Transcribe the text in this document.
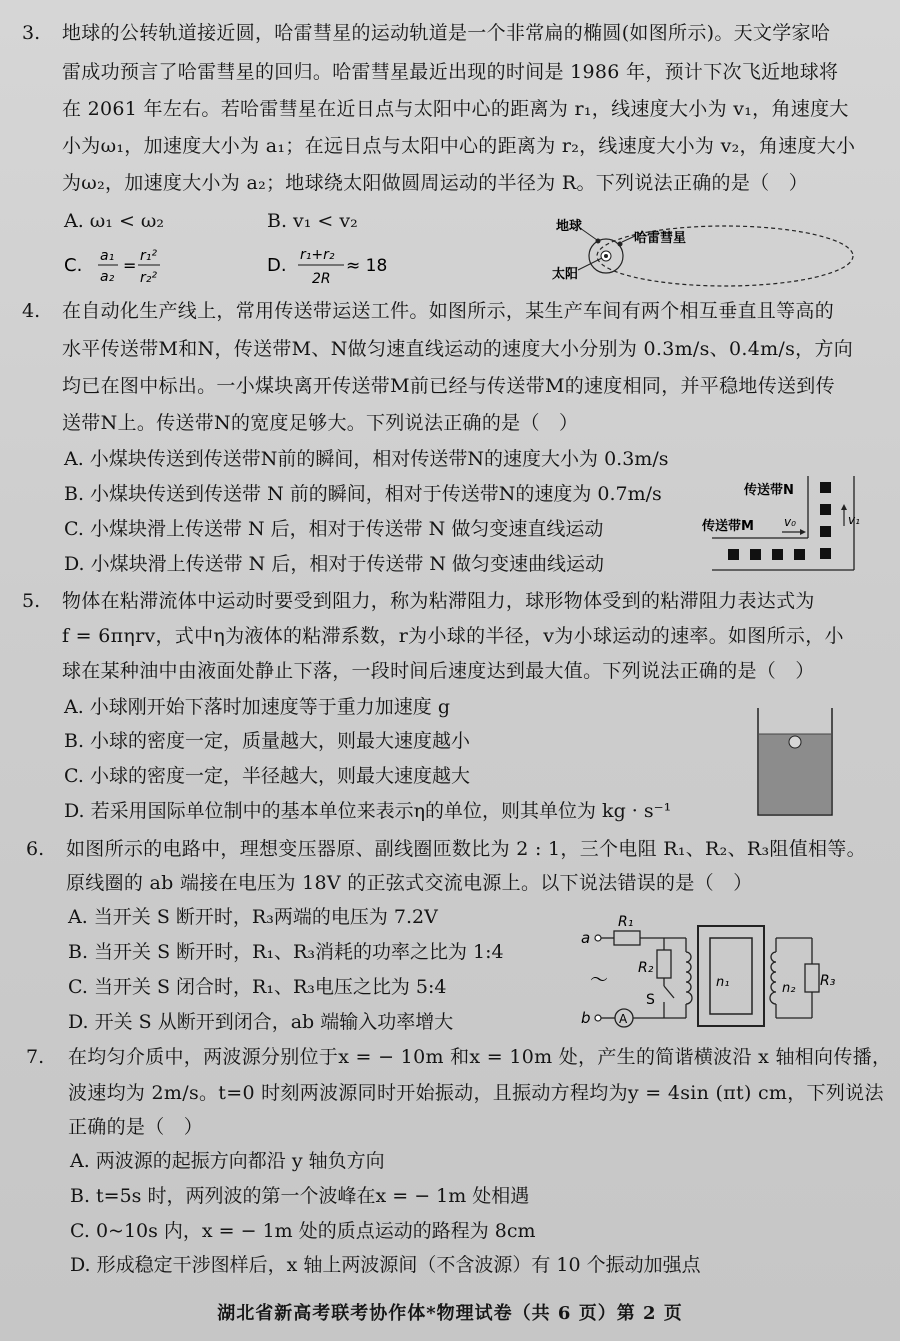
3. 地球的公转轨道接近圆，哈雷彗星的运动轨道是一个非常扁的椭圆(如图所示)。天文学家哈
雷成功预言了哈雷彗星的回归。哈雷彗星最近出现的时间是 1986 年，预计下次飞近地球将
在 2061 年左右。若哈雷彗星在近日点与太阳中心的距离为 r₁，线速度大小为 v₁，角速度大
小为ω₁，加速度大小为 a₁；在远日点与太阳中心的距离为 r₂，线速度大小为 v₂，角速度大小
为ω₂，加速度大小为 a₂；地球绕太阳做圆周运动的半径为 R。下列说法正确的是（　）
A. ω₁ < ω₂	B. v₁ < v₂
C. a₁
a₂
= r₁²
r₂²
D. r₁+r₂
2R
≈ 18
地球
哈雷彗星
太阳
4. 在自动化生产线上，常用传送带运送工件。如图所示，某生产车间有两个相互垂直且等高的
水平传送带M和N，传送带M、N做匀速直线运动的速度大小分别为 0.3m/s、0.4m/s，方向
均已在图中标出。一小煤块离开传送带M前已经与传送带M的速度相同，并平稳地传送到传
送带N上。传送带N的宽度足够大。下列说法正确的是（　）
A. 小煤块传送到传送带N前的瞬间，相对传送带N的速度大小为 0.3m/s
B. 小煤块传送到传送带 N 前的瞬间，相对于传送带N的速度为 0.7m/s
C. 小煤块滑上传送带 N 后，相对于传送带 N 做匀变速直线运动
D. 小煤块滑上传送带 N 后，相对于传送带 N 做匀变速曲线运动
传送带N
传送带M	v₀	v₁
5. 物体在粘滞流体中运动时要受到阻力，称为粘滞阻力，球形物体受到的粘滞阻力表达式为
f = 6πηrv，式中η为液体的粘滞系数，r为小球的半径，v为小球运动的速率。如图所示，小
球在某种油中由液面处静止下落，一段时间后速度达到最大值。下列说法正确的是（　）
A. 小球刚开始下落时加速度等于重力加速度 g
B. 小球的密度一定，质量越大，则最大速度越小
C. 小球的密度一定，半径越大，则最大速度越大
D. 若采用国际单位制中的基本单位来表示η的单位，则其单位为 kg · s⁻¹
6. 如图所示的电路中，理想变压器原、副线圈匝数比为 2 : 1，三个电阻 R₁、R₂、R₃阻值相等。
原线圈的 ab 端接在电压为 18V 的正弦式交流电源上。以下说法错误的是（　）
A. 当开关 S 断开时，R₃两端的电压为 7.2V
B. 当开关 S 断开时，R₁、R₃消耗的功率之比为 1:4
C. 当开关 S 闭合时，R₁、R₃电压之比为 5:4
D. 开关 S 从断开到闭合，ab 端输入功率增大
a
b
R₁
R₂
R₃
S
A
n₁	n₂
～
7. 在均匀介质中，两波源分别位于x = − 10m 和x = 10m 处，产生的简谐横波沿 x 轴相向传播，
波速均为 2m/s。t=0 时刻两波源同时开始振动，且振动方程均为y = 4sin (πt) cm，下列说法
正确的是（　）
A. 两波源的起振方向都沿 y 轴负方向
B. t=5s 时，两列波的第一个波峰在x = − 1m 处相遇
C. 0~10s 内，x = − 1m 处的质点运动的路程为 8cm
D. 形成稳定干涉图样后，x 轴上两波源间（不含波源）有 10 个振动加强点
湖北省新高考联考协作体*物理试卷（共 6 页）第 2 页
